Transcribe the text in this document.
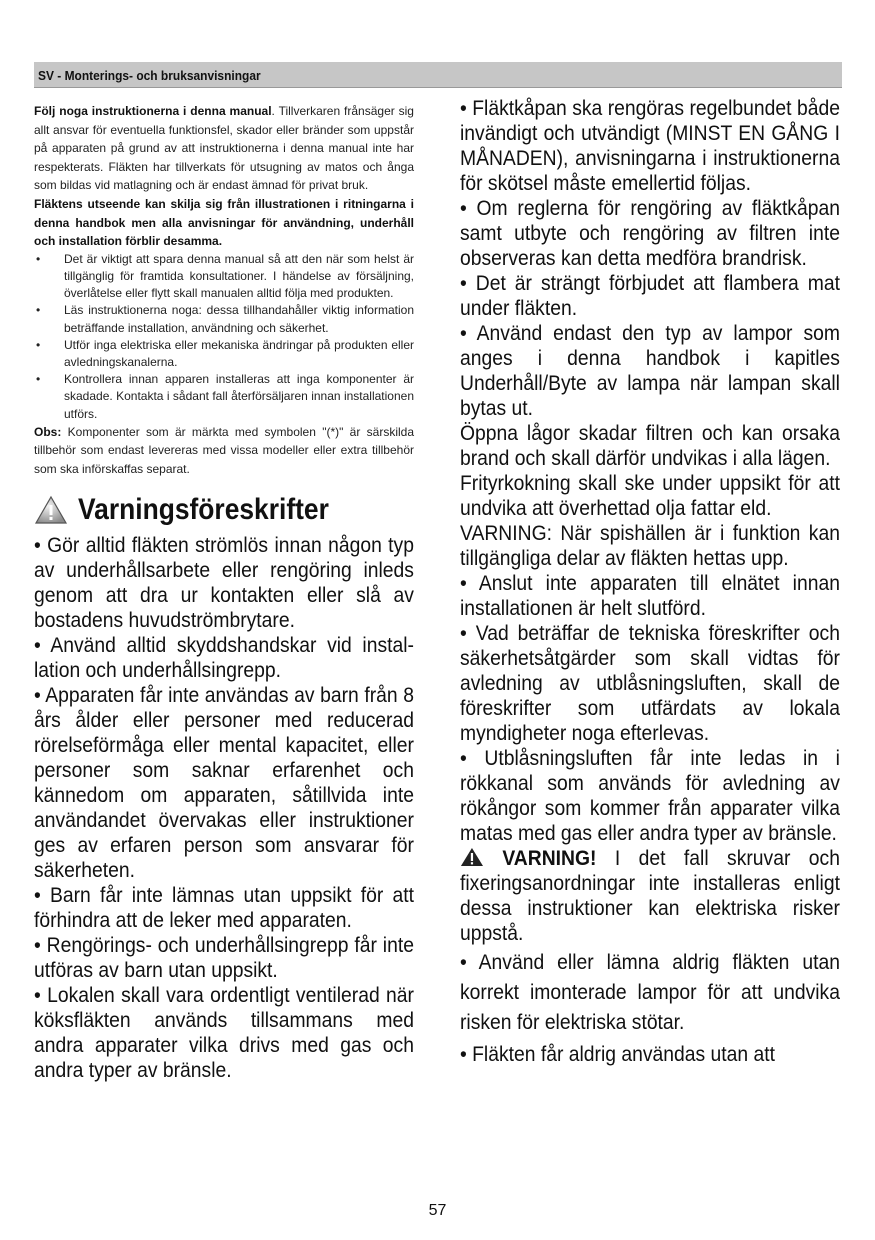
SV - Monterings- och bruksanvisningar
Följ noga instruktionerna i denna manual. Tillverkaren frånsäger sig allt ansvar för eventuella funktionsfel, skador eller bränder som uppstår på apparaten på grund av att instruktionerna i denna manual inte har respekterats. Fläkten har tillverkats för utsugning av matos och ånga som bildas vid matlagning och är endast ämnad för privat bruk.
Fläktens utseende kan skilja sig från illustrationen i ritningarna i denna handbok men alla anvisningar för användning, underhåll och installation förblir desamma.
• Det är viktigt att spara denna manual så att den när som helst är tillgänglig för framtida konsultationer. I händelse av försäljning, överlåtelse eller flytt skall manualen alltid följa med produkten.
• Läs instruktionerna noga: dessa tillhandahåller viktig information beträffande installation, användning och säkerhet.
• Utför inga elektriska eller mekaniska ändringar på produkten eller avledningskanalerna.
• Kontrollera innan apparen installeras att inga komponenter är skadade. Kontakta i sådant fall återförsäljaren innan installationen utförs.
Obs: Komponenter som är märkta med symbolen "(*)" är särskilda tillbehör som endast levereras med vissa modeller eller extra tillbehör som ska införskaffas separat.
Varningsföreskrifter

• Gör alltid fläkten strömlös innan någon typ av underhållsarbete eller rengöring inleds genom att dra ur kontakten eller slå av bostadens huvudströmbrytare.

• Använd alltid skyddshandskar vid instal-lation och underhållsingrepp.

• Apparaten får inte användas av barn från 8 års ålder eller personer med reducerad rörelseförmåga eller mental kapacitet, eller personer som saknar erfarenhet och kännedom om apparaten, såtillvida inte användandet övervakas eller instruktioner ges av erfaren person som ansvarar för säkerheten.

• Barn får inte lämnas utan uppsikt för att förhindra att de leker med apparaten.

• Rengörings- och underhållsingrepp får inte utföras av barn utan uppsikt.

• Lokalen skall vara ordentligt ventilerad när köksfläkten används tillsammans med andra apparater vilka drivs med gas och andra typer av bränsle.

• Fläktkåpan ska rengöras regelbundet både invändigt och utvändigt (MINST EN GÅNG I MÅNADEN), anvisningarna i instruktionerna för skötsel måste emellertid följas.

• Om reglerna för rengöring av fläktkåpan samt utbyte och rengöring av filtren inte observeras kan detta medföra brandrisk.

• Det är strängt förbjudet att flambera mat under fläkten.

• Använd endast den typ av lampor som anges i denna handbok i kapitles Underhåll/Byte av lampa när lampan skall bytas ut.

Öppna lågor skadar filtren och kan orsaka brand och skall därför undvikas i alla lägen.

Frityrkokning skall ske under uppsikt för att undvika att överhettad olja fattar eld.

VARNING: När spishällen är i funktion kan tillgängliga delar av fläkten hettas upp.

• Anslut inte apparaten till elnätet innan installationen är helt slutförd.

• Vad beträffar de tekniska föreskrifter och säkerhetsåtgärder som skall vidtas för avledning av utblåsningsluften, skall de föreskrifter som utfärdats av lokala myndigheter noga efterlevas.

• Utblåsningsluften får inte ledas in i rökkanal som används för avledning av rökångor som kommer från apparater vilka matas med gas eller andra typer av bränsle.

VARNING! I det fall skruvar och fixeringsanordningar inte installeras enligt dessa instruktioner kan elektriska risker uppstå.

• Använd eller lämna aldrig fläkten utan korrekt imonterade lampor för att undvika risken för elektriska stötar.

• Fläkten får aldrig användas utan att

57
